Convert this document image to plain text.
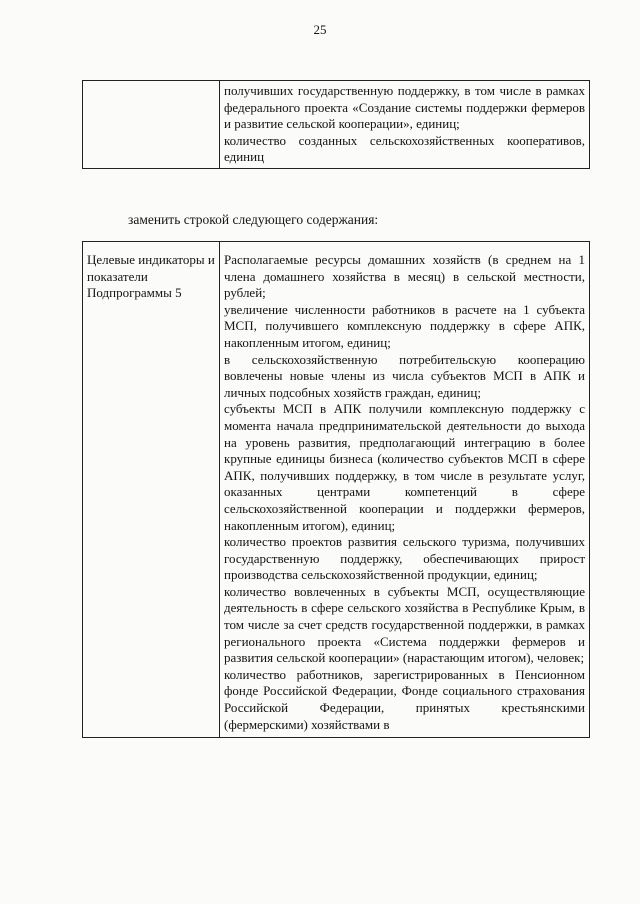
25
	получивших государственную поддержку, в том числе в рамках федерального проекта «Создание системы поддержки фермеров и развитие сельской кооперации», единиц;
количество созданных сельскохозяйственных кооперативов, единиц
заменить строкой следующего содержания:
Целевые индикаторы и показатели Подпрограммы 5	Располагаемые ресурсы домашних хозяйств (в среднем на 1 члена домашнего хозяйства в месяц) в сельской местности, рублей;
увеличение численности работников в расчете на 1 субъекта МСП, получившего комплексную поддержку в сфере АПК, накопленным итогом, единиц;
в сельскохозяйственную потребительскую кооперацию вовлечены новые члены из числа субъектов МСП в АПК и личных подсобных хозяйств граждан, единиц;
субъекты МСП в АПК получили комплексную поддержку с момента начала предпринимательской деятельности до выхода на уровень развития, предполагающий интеграцию в более крупные единицы бизнеса (количество субъектов МСП в сфере АПК, получивших поддержку, в том числе в результате услуг, оказанных центрами компетенций в сфере сельскохозяйственной кооперации и поддержки фермеров, накопленным итогом), единиц;
количество проектов развития сельского туризма, получивших государственную поддержку, обеспечивающих прирост производства сельскохозяйственной продукции, единиц;
количество вовлеченных в субъекты МСП, осуществляющие деятельность в сфере сельского хозяйства в Республике Крым, в том числе за счет средств государственной поддержки, в рамках регионального проекта «Система поддержки фермеров и развития сельской кооперации» (нарастающим итогом), человек;
количество работников, зарегистрированных в Пенсионном фонде Российской Федерации, Фонде социального страхования Российской Федерации, принятых крестьянскими (фермерскими) хозяйствами в
